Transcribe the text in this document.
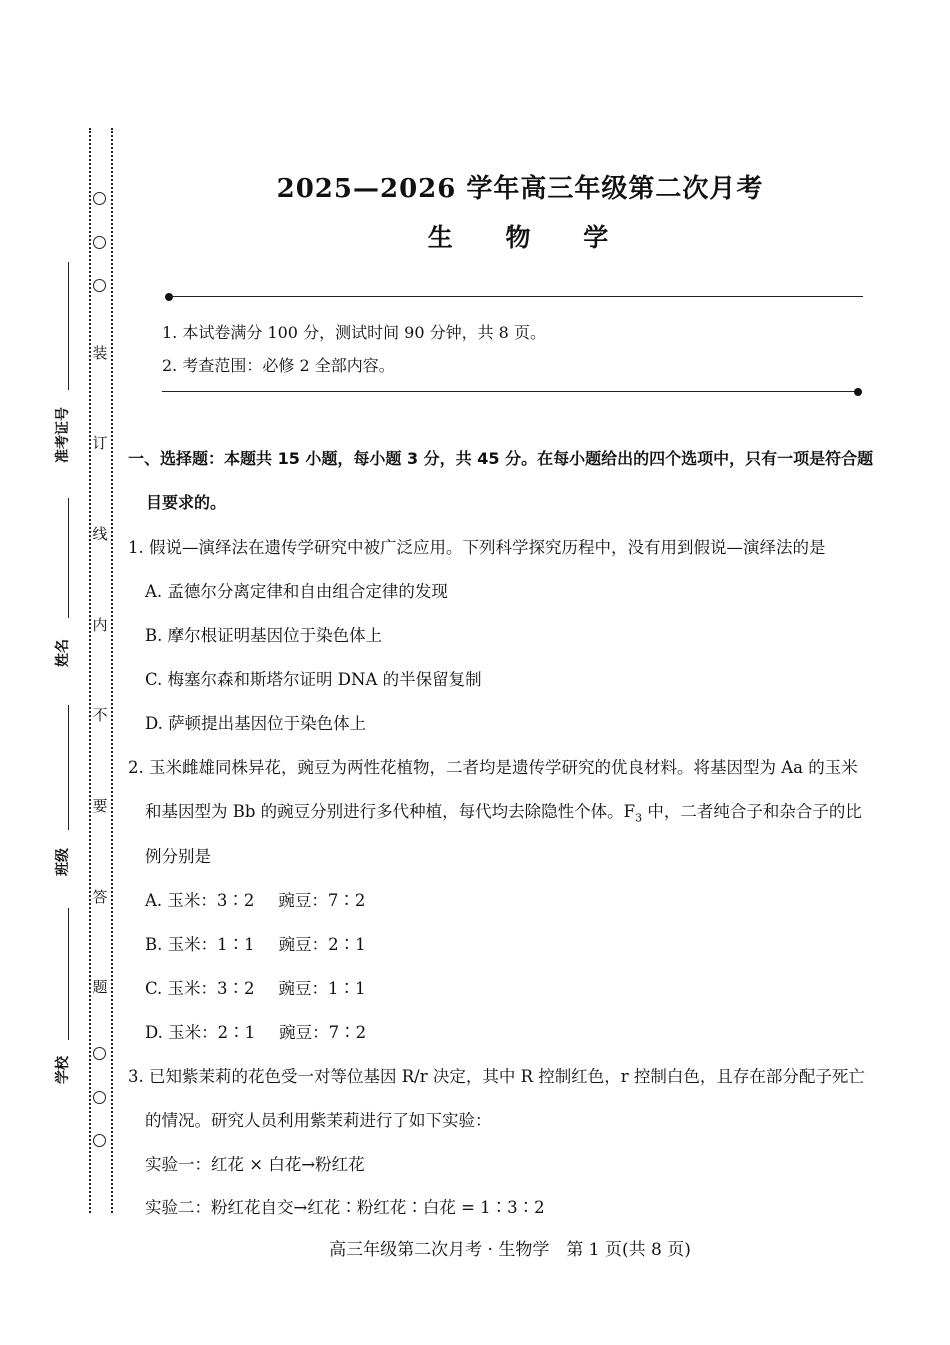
装
订
线
内
不
要
答
题
准考证号
姓名
班级
学校
2025—2026 学年高三年级第二次月考
生 物 学
1. 本试卷满分 100 分，测试时间 90 分钟，共 8 页。
2. 考查范围：必修 2 全部内容。
一、选择题：本题共 15 小题，每小题 3 分，共 45 分。在每小题给出的四个选项中，只有一项是符合题
目要求的。
1. 假说—演绎法在遗传学研究中被广泛应用。下列科学探究历程中，没有用到假说—演绎法的是
A. 孟德尔分离定律和自由组合定律的发现
B. 摩尔根证明基因位于染色体上
C. 梅塞尔森和斯塔尔证明 DNA 的半保留复制
D. 萨顿提出基因位于染色体上
2. 玉米雌雄同株异花，豌豆为两性花植物，二者均是遗传学研究的优良材料。将基因型为 Aa 的玉米
和基因型为 Bb 的豌豆分别进行多代种植，每代均去除隐性个体。$F_3$ 中，二者纯合子和杂合子的比
例分别是
A. 玉米：3∶2 豌豆：7∶2
B. 玉米：1∶1 豌豆：2∶1
C. 玉米：3∶2 豌豆：1∶1
D. 玉米：2∶1 豌豆：7∶2
3. 已知紫茉莉的花色受一对等位基因 R/r 决定，其中 R 控制红色，r 控制白色，且存在部分配子死亡
的情况。研究人员利用紫茉莉进行了如下实验：
实验一：红花 × 白花→粉红花
实验二：粉红花自交→红花∶粉红花∶白花 = 1∶3∶2
高三年级第二次月考 · 生物学　第 1 页(共 8 页)
